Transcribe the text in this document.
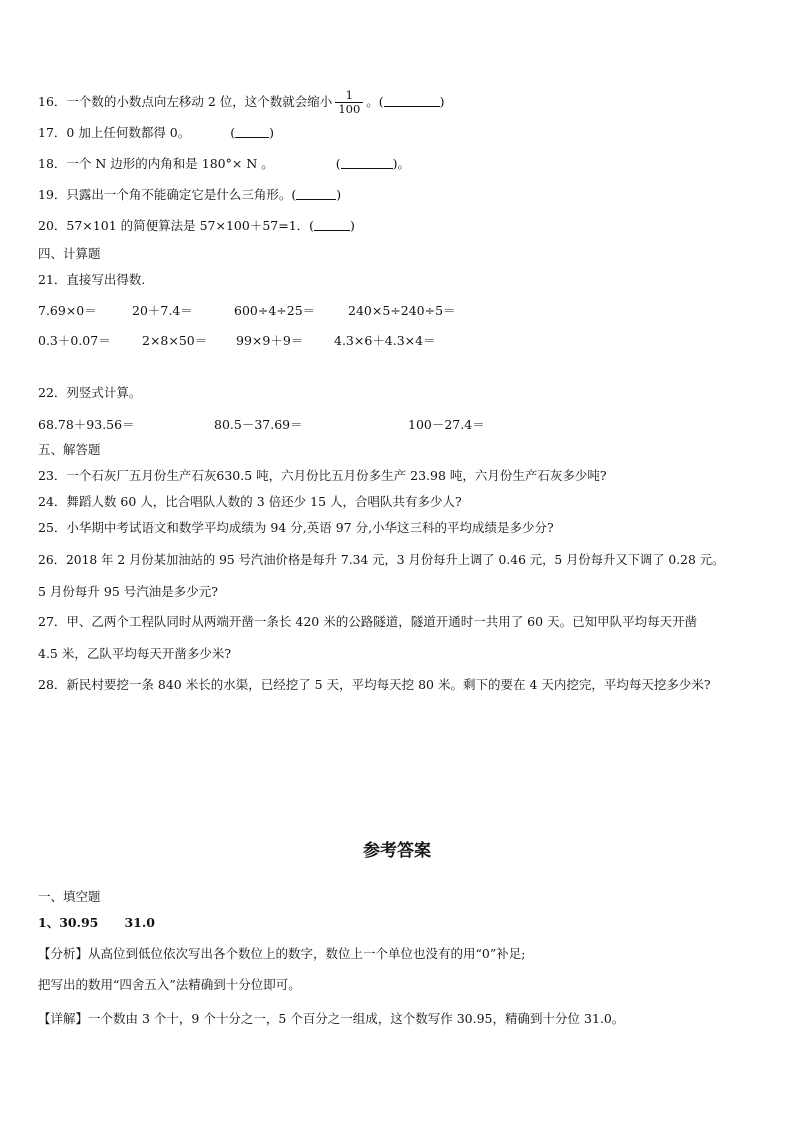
16．一个数的小数点向左移动 2 位，这个数就会缩小 $\frac{1}{100}$ 。(	)
17．0 加上任何数都得 0。	(	)
18．一个 N 边形的内角和是 180°× N 。	(	)。
19．只露出一个角不能确定它是什么三角形。(	)
20．57×101 的简便算法是 57×100＋57=1．(	)
四、计算题
21．直接写出得数.
7.69×0＝	20＋7.4＝	600÷4÷25＝	240×5÷240÷5＝
0.3＋0.07＝	2×8×50＝ 99×9＋9＝ 4.3×6＋4.3×4＝
22．列竖式计算。
68.78＋93.56＝	80.5－37.69＝	100－27.4＝
五、解答题
23．一个石灰厂五月份生产石灰630.5 吨，六月份比五月份多生产 23.98 吨，六月份生产石灰多少吨?
24．舞蹈人数 60 人，比合唱队人数的 3 倍还少 15 人，合唱队共有多少人?
25．小华期中考试语文和数学平均成绩为 94 分,英语 97 分,小华这三科的平均成绩是多少分?
26．2018 年 2 月份某加油站的 95 号汽油价格是每升 7.34 元，3 月份每升上调了 0.46 元，5 月份每升又下调了 0.28 元。
5 月份每升 95 号汽油是多少元?
27．甲、乙两个工程队同时从两端开凿一条长 420 米的公路隧道，隧道开通时一共用了 60 天。已知甲队平均每天开凿
4.5 米，乙队平均每天开凿多少米?
28．新民村要挖一条 840 米长的水渠，已经挖了 5 天，平均每天挖 80 米。剩下的要在 4 天内挖完，平均每天挖多少米?
参考答案
一、填空题
1、30.95      31.0
【分析】从高位到低位依次写出各个数位上的数字，数位上一个单位也没有的用“0”补足;
把写出的数用“四舍五入”法精确到十分位即可。
【详解】一个数由 3 个十，9 个十分之一，5 个百分之一组成，这个数写作 30.95，精确到十分位 31.0。
